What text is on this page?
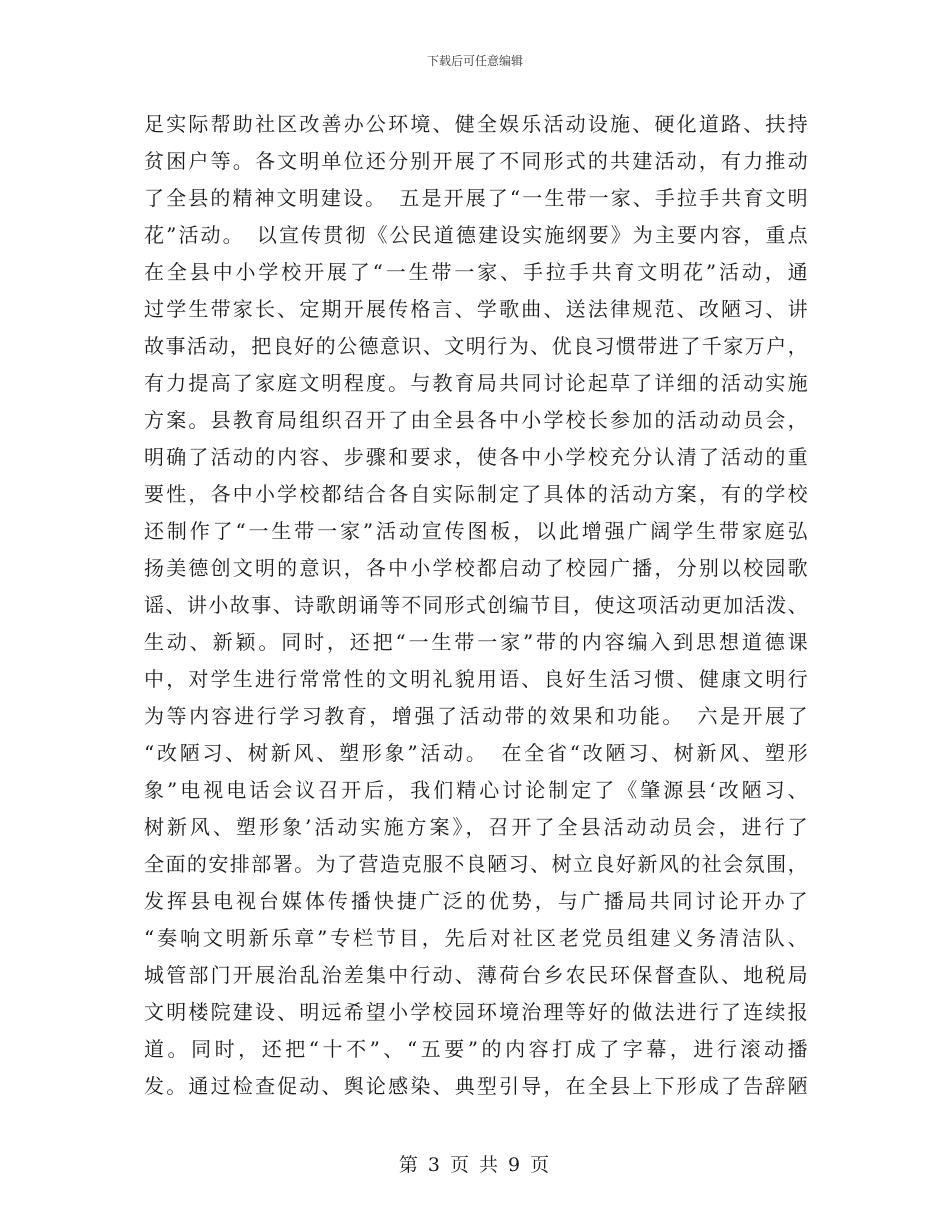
下载后可任意编辑
足实际帮助社区改善办公环境、健全娱乐活动设施、硬化道路、扶持
贫困户等。各文明单位还分别开展了不同形式的共建活动，有力推动
了全县的精神文明建设。　五是开展了“一生带一家、手拉手共育文明
花”活动。　以宣传贯彻《公民道德建设实施纲要》为主要内容，重点
在全县中小学校开展了“一生带一家、手拉手共育文明花”活动，通
过学生带家长、定期开展传格言、学歌曲、送法律规范、改陋习、讲
故事活动，把良好的公德意识、文明行为、优良习惯带进了千家万户，
有力提高了家庭文明程度。与教育局共同讨论起草了详细的活动实施
方案。县教育局组织召开了由全县各中小学校长参加的活动动员会，
明确了活动的内容、步骤和要求，使各中小学校充分认清了活动的重
要性，各中小学校都结合各自实际制定了具体的活动方案，有的学校
还制作了“一生带一家”活动宣传图板，以此增强广阔学生带家庭弘
扬美德创文明的意识，各中小学校都启动了校园广播，分别以校园歌
谣、讲小故事、诗歌朗诵等不同形式创编节目，使这项活动更加活泼、
生动、新颖。同时，还把“一生带一家”带的内容编入到思想道德课
中，对学生进行常常性的文明礼貌用语、良好生活习惯、健康文明行
为等内容进行学习教育，增强了活动带的效果和功能。　六是开展了
“改陋习、树新风、塑形象”活动。　在全省“改陋习、树新风、塑形
象”电视电话会议召开后，我们精心讨论制定了《肇源县‘改陋习、
树新风、塑形象’活动实施方案》，召开了全县活动动员会，进行了
全面的安排部署。为了营造克服不良陋习、树立良好新风的社会氛围，
发挥县电视台媒体传播快捷广泛的优势，与广播局共同讨论开办了
“奏响文明新乐章”专栏节目，先后对社区老党员组建义务清洁队、
城管部门开展治乱治差集中行动、薄荷台乡农民环保督查队、地税局
文明楼院建设、明远希望小学校园环境治理等好的做法进行了连续报
道。同时，还把“十不”、“五要”的内容打成了字幕，进行滚动播
发。通过检查促动、舆论感染、典型引导，在全县上下形成了告辞陋
第 3 页 共 9 页
